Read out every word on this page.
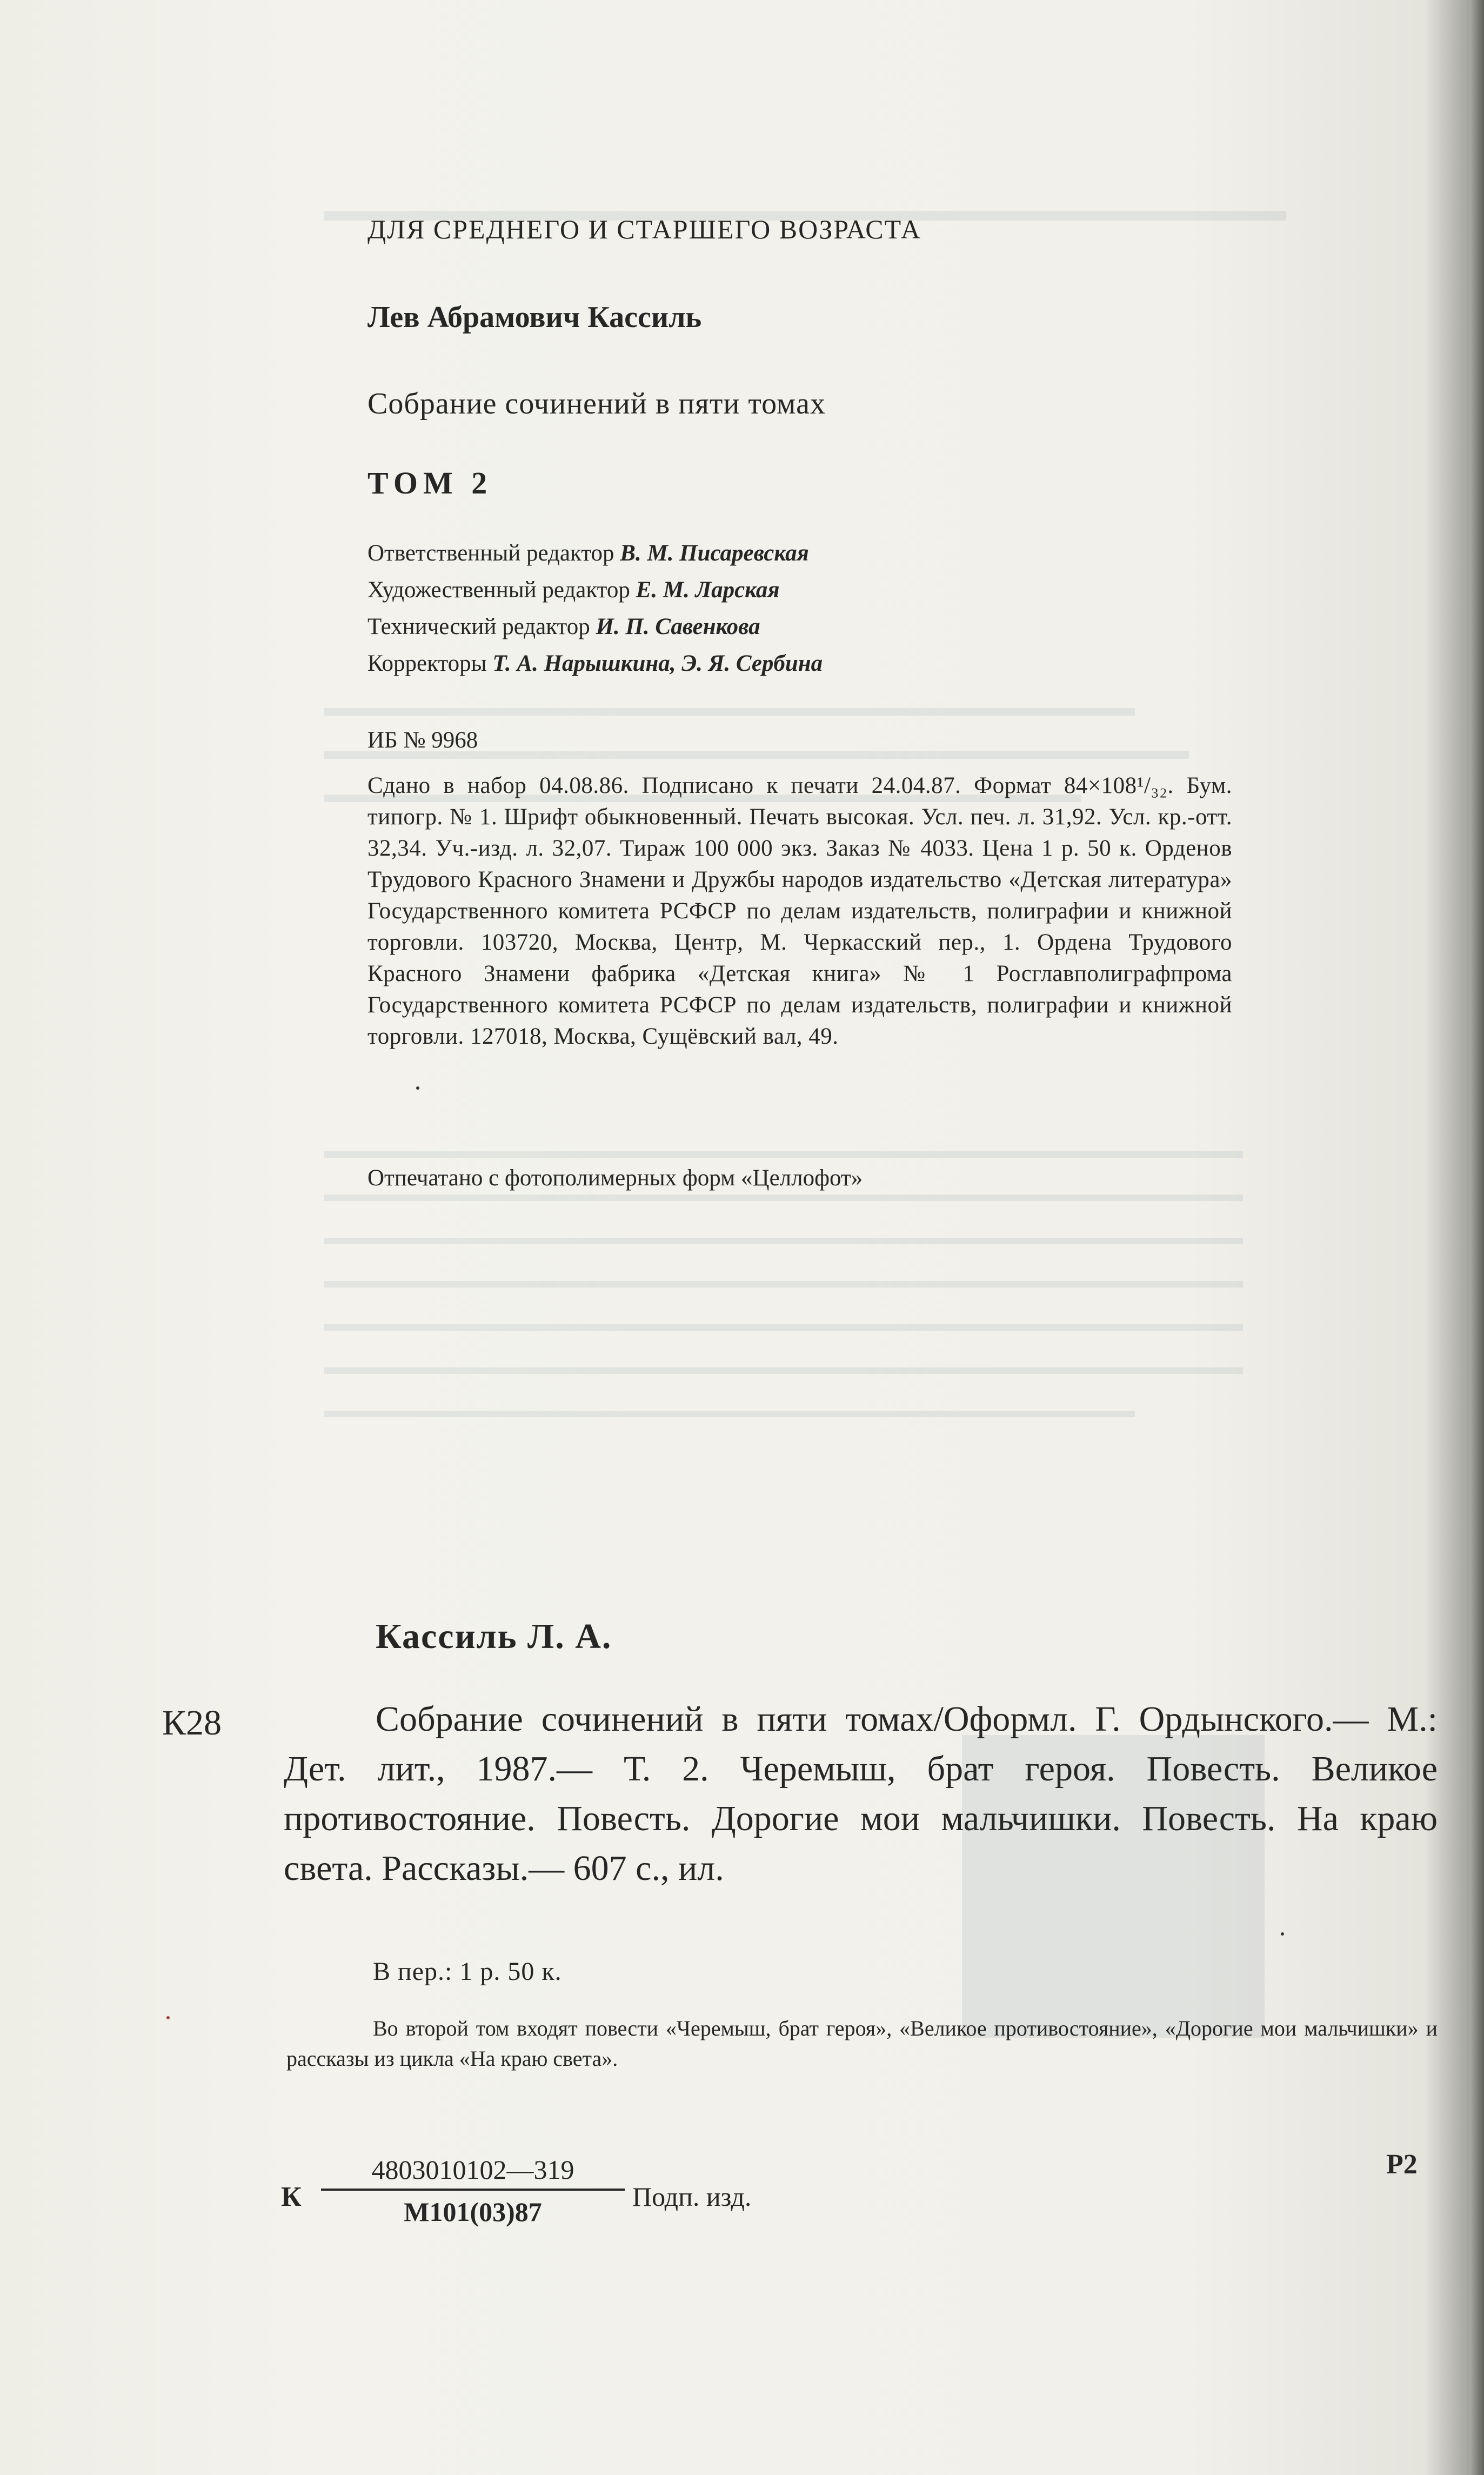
ДЛЯ СРЕДНЕГО И СТАРШЕГО ВОЗРАСТА
Лев Абрамович Кассиль
Собрание сочинений в пяти томах
ТОМ 2
Ответственный редактор В. М. Писаревская
Художественный редактор Е. М. Ларская
Технический редактор И. П. Савенкова
Корректоры Т. А. Нарышкина, Э. Я. Сербина
ИБ № 9968
Сдано в набор 04.08.86. Подписано к печати 24.04.87. Формат 84×108¹/₃₂. Бум. типогр. № 1. Шрифт обыкновенный. Печать высокая. Усл. печ. л. 31,92. Усл. кр.-отт. 32,34. Уч.-изд. л. 32,07. Тираж 100 000 экз. Заказ № 4033. Цена 1 р. 50 к. Орденов Трудового Красного Знамени и Дружбы народов издательство «Детская литература» Государственного комитета РСФСР по делам издательств, полиграфии и книжной торговли. 103720, Москва, Центр, М. Черкасский пер., 1. Ордена Трудового Красного Знамени фабрика «Детская книга» № 1 Росглавполиграфпрома Государственного комитета РСФСР по делам издательств, полиграфии и книжной торговли. 127018, Москва, Сущёвский вал, 49.
Отпечатано с фотополимерных форм «Целлофот»
Кассиль Л. А.
К28	Собрание сочинений в пяти томах/Оформл. Г. Ордынского.— М.: Дет. лит., 1987.— Т. 2. Черемыш, брат героя. Повесть. Великое противостояние. Повесть. Дорогие мои мальчишки. Повесть. На краю света. Рассказы.— 607 с., ил.
В пер.: 1 р. 50 к.
Во второй том входят повести «Черемыш, брат героя», «Великое противостояние», «Дорогие мои мальчишки» и рассказы из цикла «На краю света».
К
4803010102—319
М101(03)87	Подп. изд.
Р2
